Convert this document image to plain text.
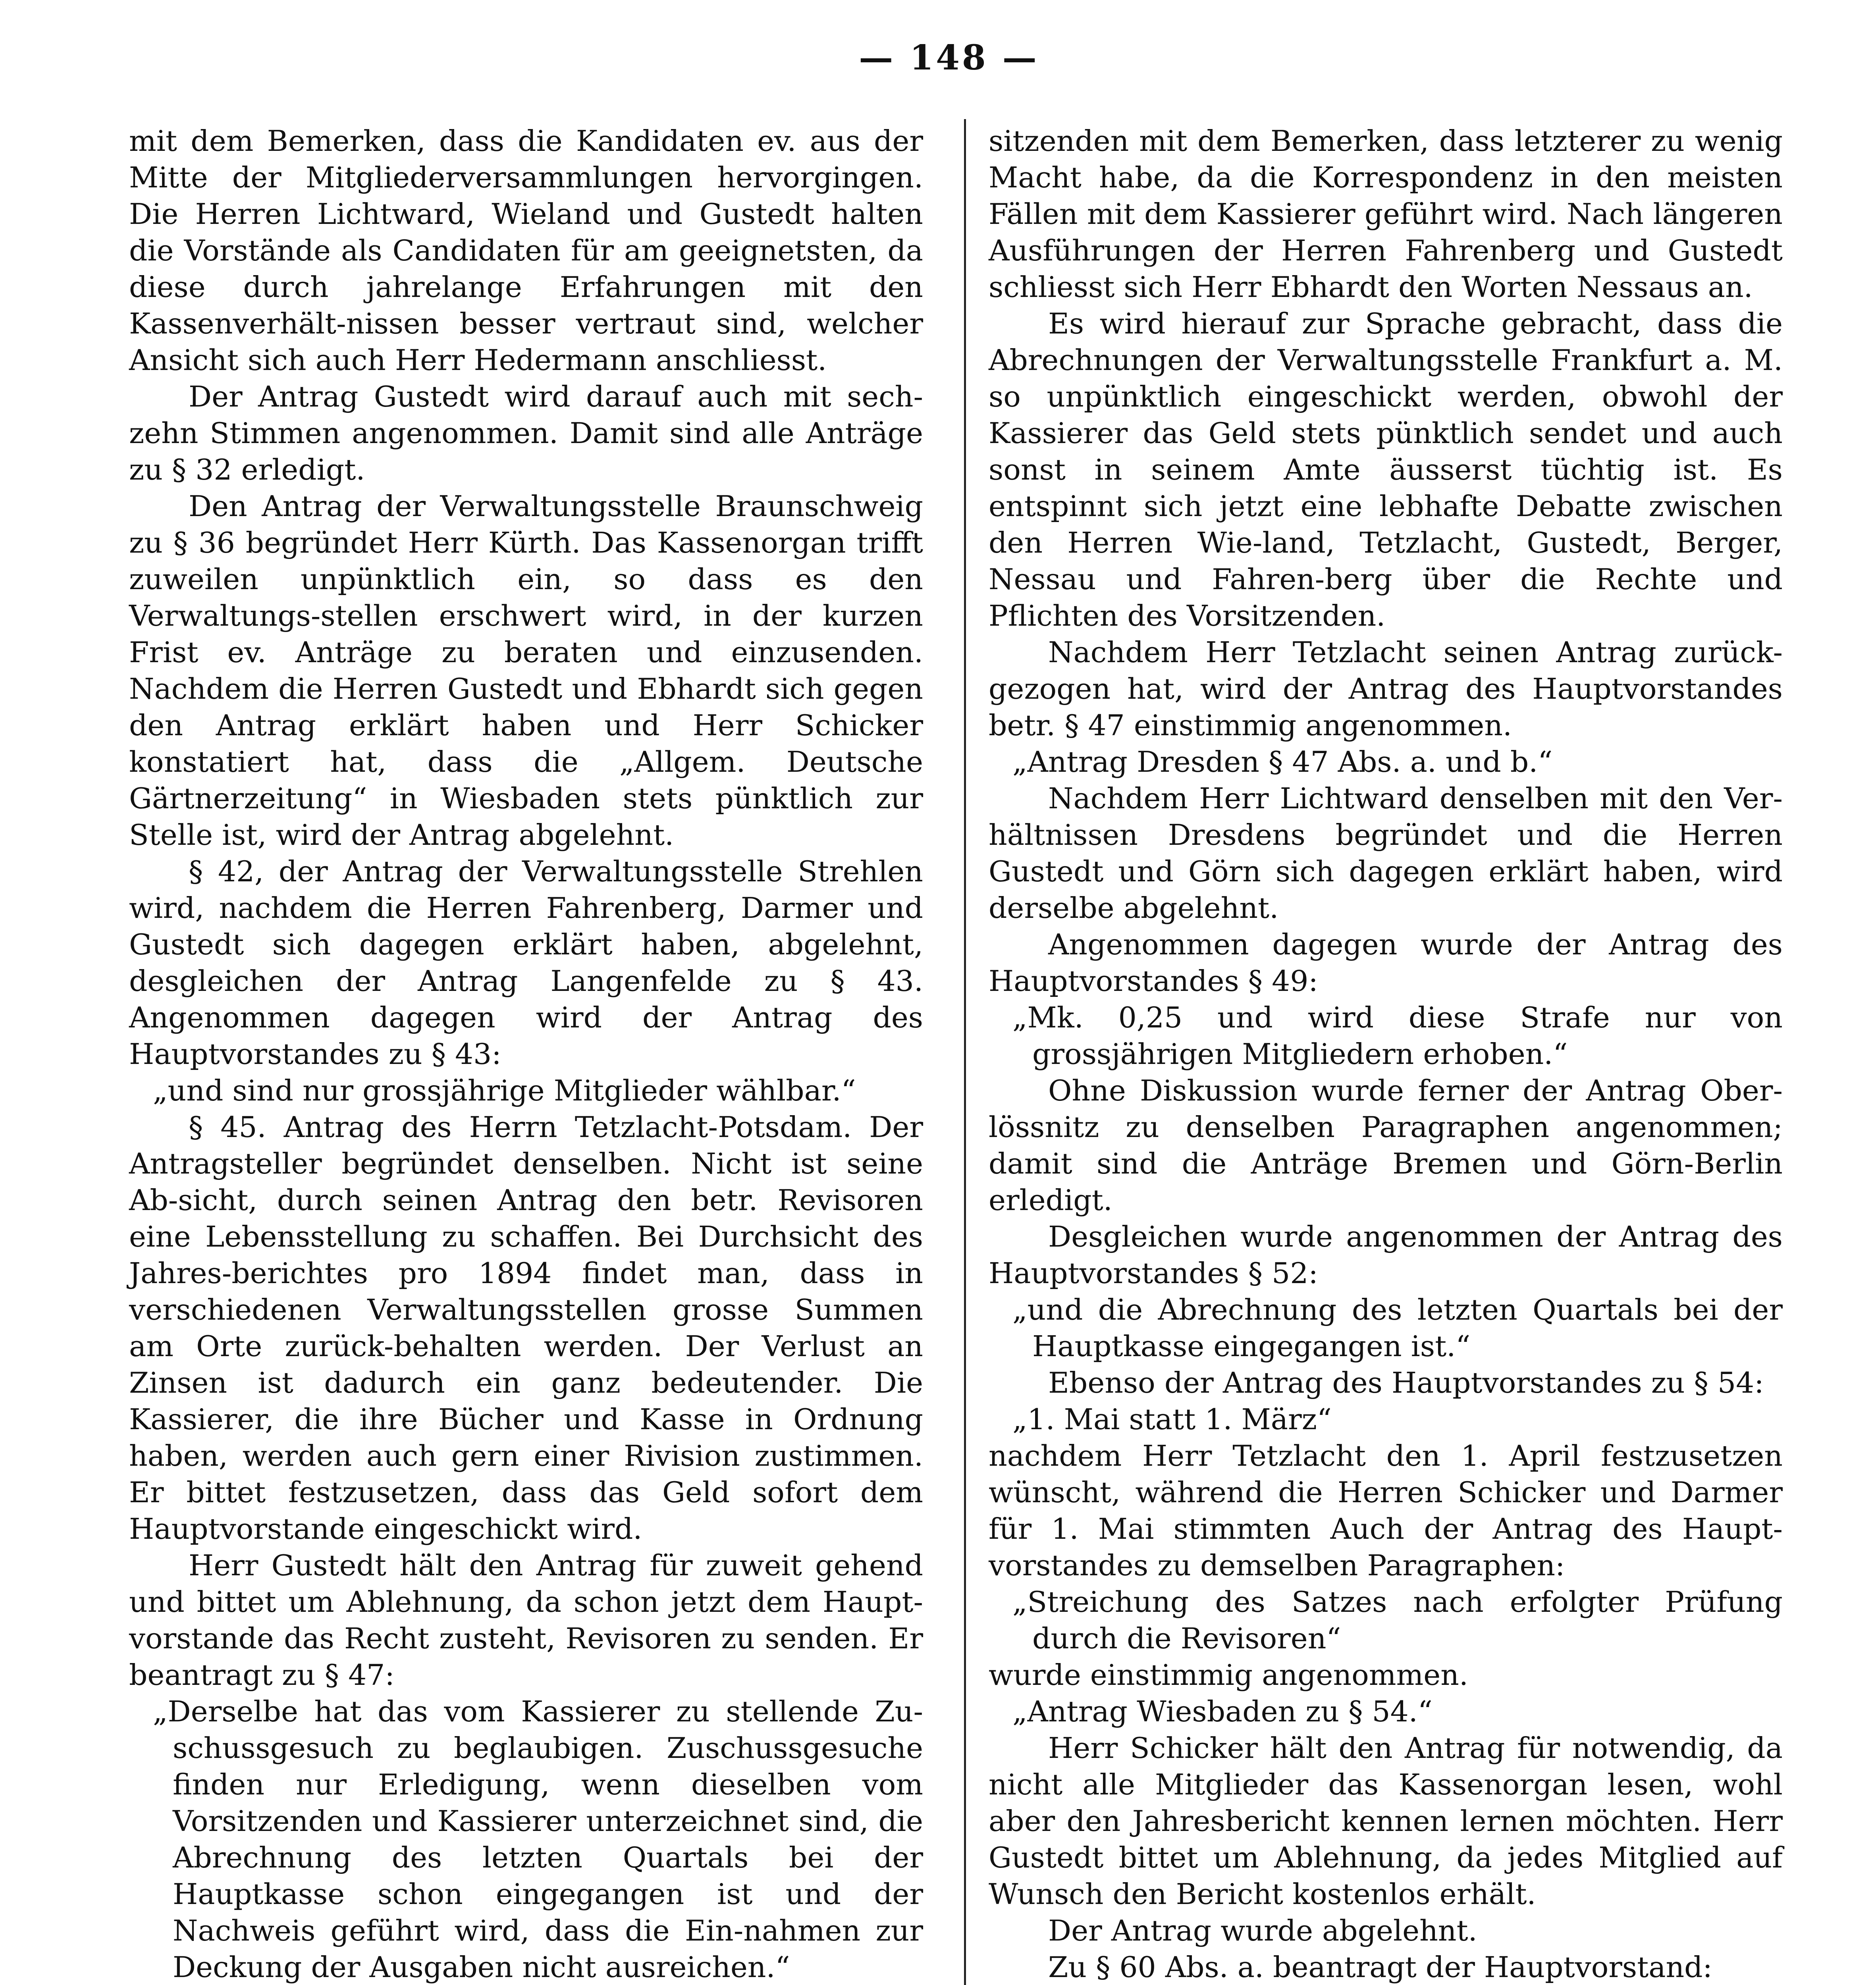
— 148 —

mit dem Bemerken, dass die Kandidaten ev. aus der Mitte der Mitgliederversammlungen hervorgingen. Die Herren Lichtward, Wieland und Gustedt halten die Vorstände als Candidaten für am geeignetsten, da diese durch jahrelange Erfahrungen mit den Kassenverhält-nissen besser vertraut sind, welcher Ansicht sich auch Herr Hedermann anschliesst.

Der Antrag Gustedt wird darauf auch mit sech-zehn Stimmen angenommen. Damit sind alle Anträge zu § 32 erledigt.

Den Antrag der Verwaltungsstelle Braunschweig zu § 36 begründet Herr Kürth. Das Kassenorgan trifft zuweilen unpünktlich ein, so dass es den Verwaltungs-stellen erschwert wird, in der kurzen Frist ev. Anträge zu beraten und einzusenden. Nachdem die Herren Gustedt und Ebhardt sich gegen den Antrag erklärt haben und Herr Schicker konstatiert hat, dass die „Allgem. Deutsche Gärtnerzeitung“ in Wiesbaden stets pünktlich zur Stelle ist, wird der Antrag abgelehnt.

§ 42, der Antrag der Verwaltungsstelle Strehlen wird, nachdem die Herren Fahrenberg, Darmer und Gustedt sich dagegen erklärt haben, abgelehnt, desgleichen der Antrag Langenfelde zu § 43. Angenommen dagegen wird der Antrag des Hauptvorstandes zu § 43:

„und sind nur grossjährige Mitglieder wählbar.“

§ 45. Antrag des Herrn Tetzlacht-Potsdam. Der Antragsteller begründet denselben. Nicht ist seine Ab-sicht, durch seinen Antrag den betr. Revisoren eine Lebensstellung zu schaffen. Bei Durchsicht des Jahres-berichtes pro 1894 findet man, dass in verschiedenen Verwaltungsstellen grosse Summen am Orte zurück-behalten werden. Der Verlust an Zinsen ist dadurch ein ganz bedeutender. Die Kassierer, die ihre Bücher und Kasse in Ordnung haben, werden auch gern einer Rivision zustimmen. Er bittet festzusetzen, dass das Geld sofort dem Hauptvorstande eingeschickt wird.

Herr Gustedt hält den Antrag für zuweit gehend und bittet um Ablehnung, da schon jetzt dem Haupt-vorstande das Recht zusteht, Revisoren zu senden. Er beantragt zu § 47:

„Derselbe hat das vom Kassierer zu stellende Zu-schussgesuch zu beglaubigen. Zuschussgesuche finden nur Erledigung, wenn dieselben vom Vorsitzenden und Kassierer unterzeichnet sind, die Abrechnung des letzten Quartals bei der Hauptkasse schon eingegangen ist und der Nachweis geführt wird, dass die Ein-nahmen zur Deckung der Ausgaben nicht ausreichen.“

sitzenden mit dem Bemerken, dass letzterer zu wenig Macht habe, da die Korrespondenz in den meisten Fällen mit dem Kassierer geführt wird. Nach längeren Ausführungen der Herren Fahrenberg und Gustedt schliesst sich Herr Ebhardt den Worten Nessaus an.

Es wird hierauf zur Sprache gebracht, dass die Abrechnungen der Verwaltungsstelle Frankfurt a. M. so unpünktlich eingeschickt werden, obwohl der Kassierer das Geld stets pünktlich sendet und auch sonst in seinem Amte äusserst tüchtig ist. Es entspinnt sich jetzt eine lebhafte Debatte zwischen den Herren Wie-land, Tetzlacht, Gustedt, Berger, Nessau und Fahren-berg über die Rechte und Pflichten des Vorsitzenden.

Nachdem Herr Tetzlacht seinen Antrag zurück-gezogen hat, wird der Antrag des Hauptvorstandes betr. § 47 einstimmig angenommen.

„Antrag Dresden § 47 Abs. a. und b.“

Nachdem Herr Lichtward denselben mit den Ver-hältnissen Dresdens begründet und die Herren Gustedt und Görn sich dagegen erklärt haben, wird derselbe abgelehnt.

Angenommen dagegen wurde der Antrag des Hauptvorstandes § 49:

„Mk. 0,25 und wird diese Strafe nur von grossjährigen Mitgliedern erhoben.“

Ohne Diskussion wurde ferner der Antrag Ober-lössnitz zu denselben Paragraphen angenommen; damit sind die Anträge Bremen und Görn-Berlin erledigt.

Desgleichen wurde angenommen der Antrag des Hauptvorstandes § 52:

„und die Abrechnung des letzten Quartals bei der Hauptkasse eingegangen ist.“

Ebenso der Antrag des Hauptvorstandes zu § 54:

„1. Mai statt 1. März“

nachdem Herr Tetzlacht den 1. April festzusetzen wünscht, während die Herren Schicker und Darmer für 1. Mai stimmten Auch der Antrag des Haupt-vorstandes zu demselben Paragraphen:

„Streichung des Satzes nach erfolgter Prüfung durch die Revisoren“

wurde einstimmig angenommen.

„Antrag Wiesbaden zu § 54.“

Herr Schicker hält den Antrag für notwendig, da nicht alle Mitglieder das Kassenorgan lesen, wohl aber den Jahresbericht kennen lernen möchten. Herr Gustedt bittet um Ablehnung, da jedes Mitglied auf Wunsch den Bericht kostenlos erhält.

Der Antrag wurde abgelehnt.

Zu § 60 Abs. a. beantragt der Hauptvorstand:
